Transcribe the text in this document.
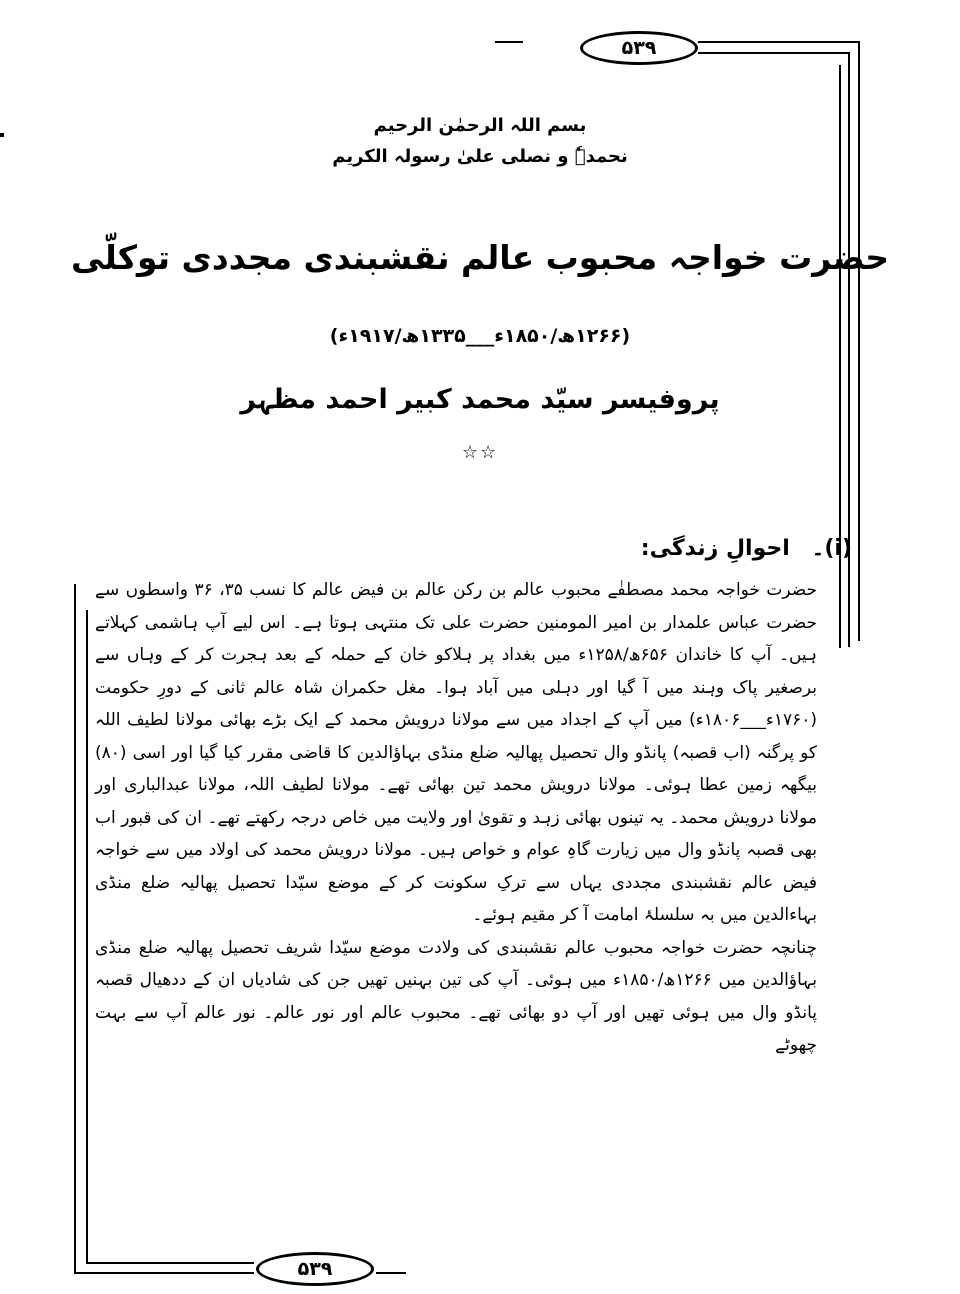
۵۳۹
۵۳۹
بسم اللہ الرحمٰن الرحیم
نحمدہٗ و نصلی علیٰ رسولہ الکریم
حضرت خواجہ محبوب عالم نقشبندی مجددی توکلّی
(۱۲۶۶ھ/۱۸۵۰ء___۱۳۳۵ھ/۱۹۱۷ء)
پروفیسر سیّد محمد کبیر احمد مظہر
☆☆
(i)۔ احوالِ زندگی:

حضرت خواجہ محمد مصطفٰے محبوب عالم بن رکن عالم بن فیض عالم کا نسب ۳۵، ۳۶ واسطوں سے حضرت عباس علمدار بن امیر المومنین حضرت علی تک منتہی ہوتا ہے۔ اس لیے آپ ہاشمی کہلاتے ہیں۔ آپ کا خاندان ۶۵۶ھ/۱۲۵۸ء میں بغداد پر ہلاکو خان کے حملہ کے بعد ہجرت کر کے وہاں سے برصغیر پاک وہند میں آ گیا اور دہلی میں آباد ہوا۔ مغل حکمران شاہ عالم ثانی کے دورِ حکومت (۱۷۶۰ء___۱۸۰۶ء) میں آپ کے اجداد میں سے مولانا درویش محمد کے ایک بڑے بھائی مولانا لطیف اللہ کو پرگنہ (اب قصبہ) پانڈو وال تحصیل پھالیہ ضلع منڈی بہاؤالدین کا قاضی مقرر کیا گیا اور اسی (۸۰) بیگھہ زمین عطا ہوئی۔ مولانا درویش محمد تین بھائی تھے۔ مولانا لطیف اللہ، مولانا عبدالباری اور مولانا درویش محمد۔ یہ تینوں بھائی زہد و تقویٰ اور ولایت میں خاص درجہ رکھتے تھے۔ ان کی قبور اب بھی قصبہ پانڈو وال میں زیارت گاہِ عوام و خواص ہیں۔ مولانا درویش محمد کی اولاد میں سے خواجہ فیض عالم نقشبندی مجددی یہاں سے ترکِ سکونت کر کے موضع سیّدا تحصیل پھالیہ ضلع منڈی بہاءالدین میں بہ سلسلۂ امامت آ کر مقیم ہوئے۔

چنانچہ حضرت خواجہ محبوب عالم نقشبندی کی ولادت موضع سیّدا شریف تحصیل پھالیہ ضلع منڈی بہاؤالدین میں ۱۲۶۶ھ/۱۸۵۰ء میں ہوئی۔ آپ کی تین بہنیں تھیں جن کی شادیاں ان کے ددھیال قصبہ پانڈو وال میں ہوئی تھیں اور آپ دو بھائی تھے۔ محبوب عالم اور نور عالم۔ نور عالم آپ سے بہت چھوٹے
